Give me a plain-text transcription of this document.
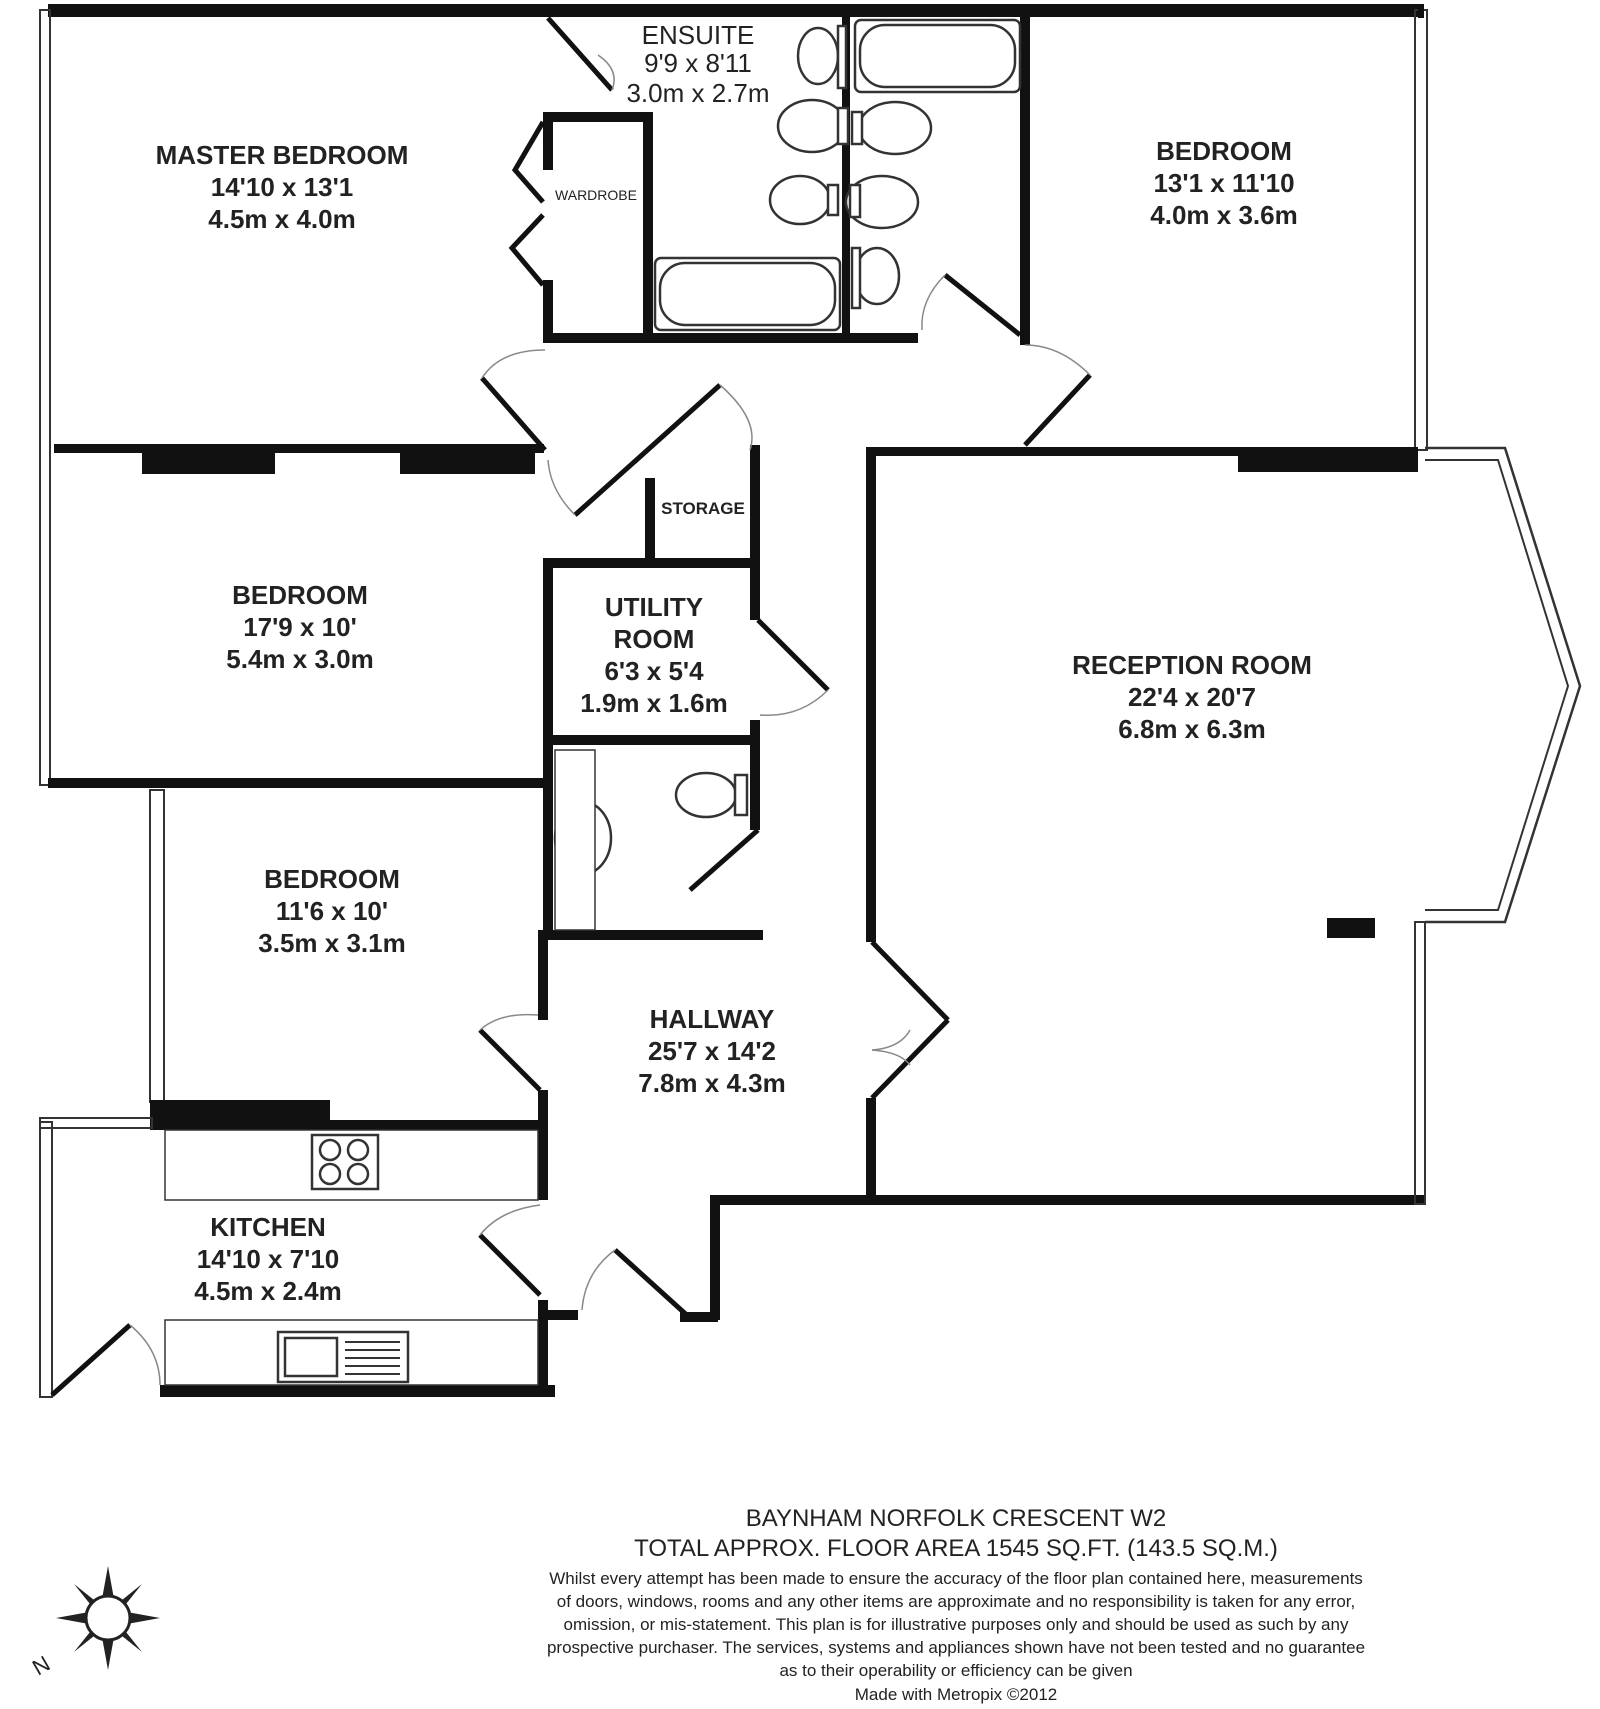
N
ENSUITE
9'9 x 8'11
3.0m x 2.7m
MASTER BEDROOM
14'10 x 13'1
4.5m x 4.0m
BEDROOM
13'1 x 11'10
4.0m x 3.6m
BEDROOM
17'9 x 10'
5.4m x 3.0m
UTILITY
ROOM
6'3 x 5'4
1.9m x 1.6m
RECEPTION ROOM
22'4 x 20'7
6.8m x 6.3m
BEDROOM
11'6 x 10'
3.5m x 3.1m
HALLWAY
25'7 x 14'2
7.8m x 4.3m
KITCHEN
14'10 x 7'10
4.5m x 2.4m
WARDROBE
STORAGE
BAYNHAM NORFOLK CRESCENT W2
TOTAL APPROX. FLOOR AREA 1545 SQ.FT. (143.5 SQ.M.)
Whilst every attempt has been made to ensure the accuracy of the floor plan contained here, measurements
of doors, windows, rooms and any other items are approximate and no responsibility is taken for any error,
omission, or mis-statement. This plan is for illustrative purposes only and should be used as such by any
prospective purchaser. The services, systems and appliances shown have not been tested and no guarantee
as to their operability or efficiency can be given
Made with Metropix ©2012
